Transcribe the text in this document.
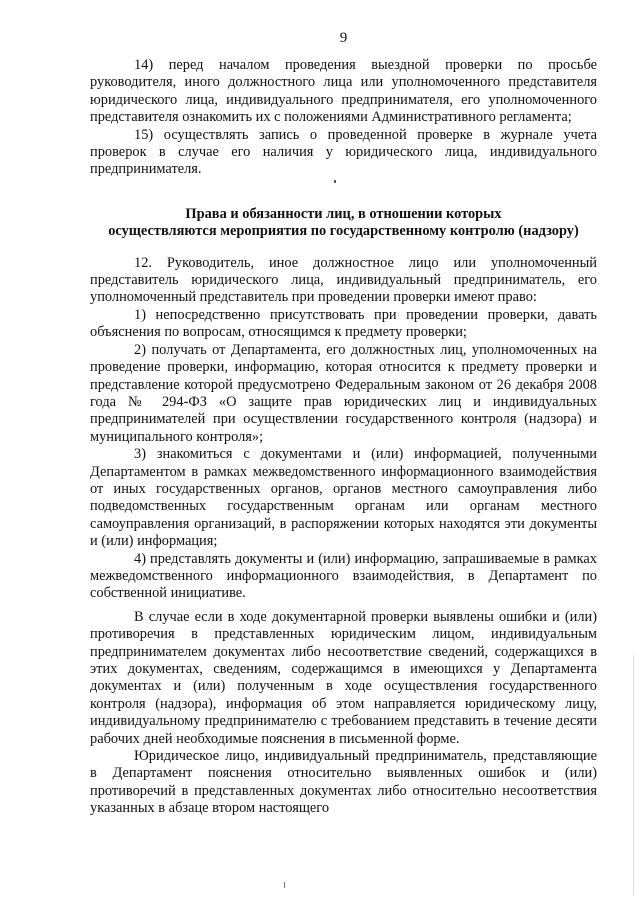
9

14) перед началом проведения выездной проверки по просьбе руководителя, иного должностного лица или уполномоченного представителя юридического лица, индивидуального предпринимателя, его уполномоченного представителя ознакомить их с положениями Административного регламента;

15) осуществлять запись о проведенной проверке в журнале учета проверок в случае его наличия у юридического лица, индивидуального предпринимателя.

Права и обязанности лиц, в отношении которых
осуществляются мероприятия по государственному контролю (надзору)

12. Руководитель, иное должностное лицо или уполномоченный представитель юридического лица, индивидуальный предприниматель, его уполномоченный представитель при проведении проверки имеют право:

1) непосредственно присутствовать при проведении проверки, давать объяснения по вопросам, относящимся к предмету проверки;

2) получать от Департамента, его должностных лиц, уполномоченных на проведение проверки, информацию, которая относится к предмету проверки и представление которой предусмотрено Федеральным законом от 26 декабря 2008 года № 294-ФЗ «О защите прав юридических лиц и индивидуальных предпринимателей при осуществлении государственного контроля (надзора) и муниципального контроля»;

3) знакомиться с документами и (или) информацией, полученными Департаментом в рамках межведомственного информационного взаимодействия от иных государственных органов, органов местного самоуправления либо подведомственных государственным органам или органам местного самоуправления организаций, в распоряжении которых находятся эти документы и (или) информация;

4) представлять документы и (или) информацию, запрашиваемые в рамках межведомственного информационного взаимодействия, в Департамент по собственной инициативе.

В случае если в ходе документарной проверки выявлены ошибки и (или) противоречия в представленных юридическим лицом, индивидуальным предпринимателем документах либо несоответствие сведений, содержащихся в этих документах, сведениям, содержащимся в имеющихся у Департамента документах и (или) полученным в ходе осуществления государственного контроля (надзора), информация об этом направляется юридическому лицу, индивидуальному предпринимателю с требованием представить в течение десяти рабочих дней необходимые пояснения в письменной форме.

Юридическое лицо, индивидуальный предприниматель, представляющие в Департамент пояснения относительно выявленных ошибок и (или) противоречий в представленных документах либо относительно несоответствия указанных в абзаце втором настоящего
